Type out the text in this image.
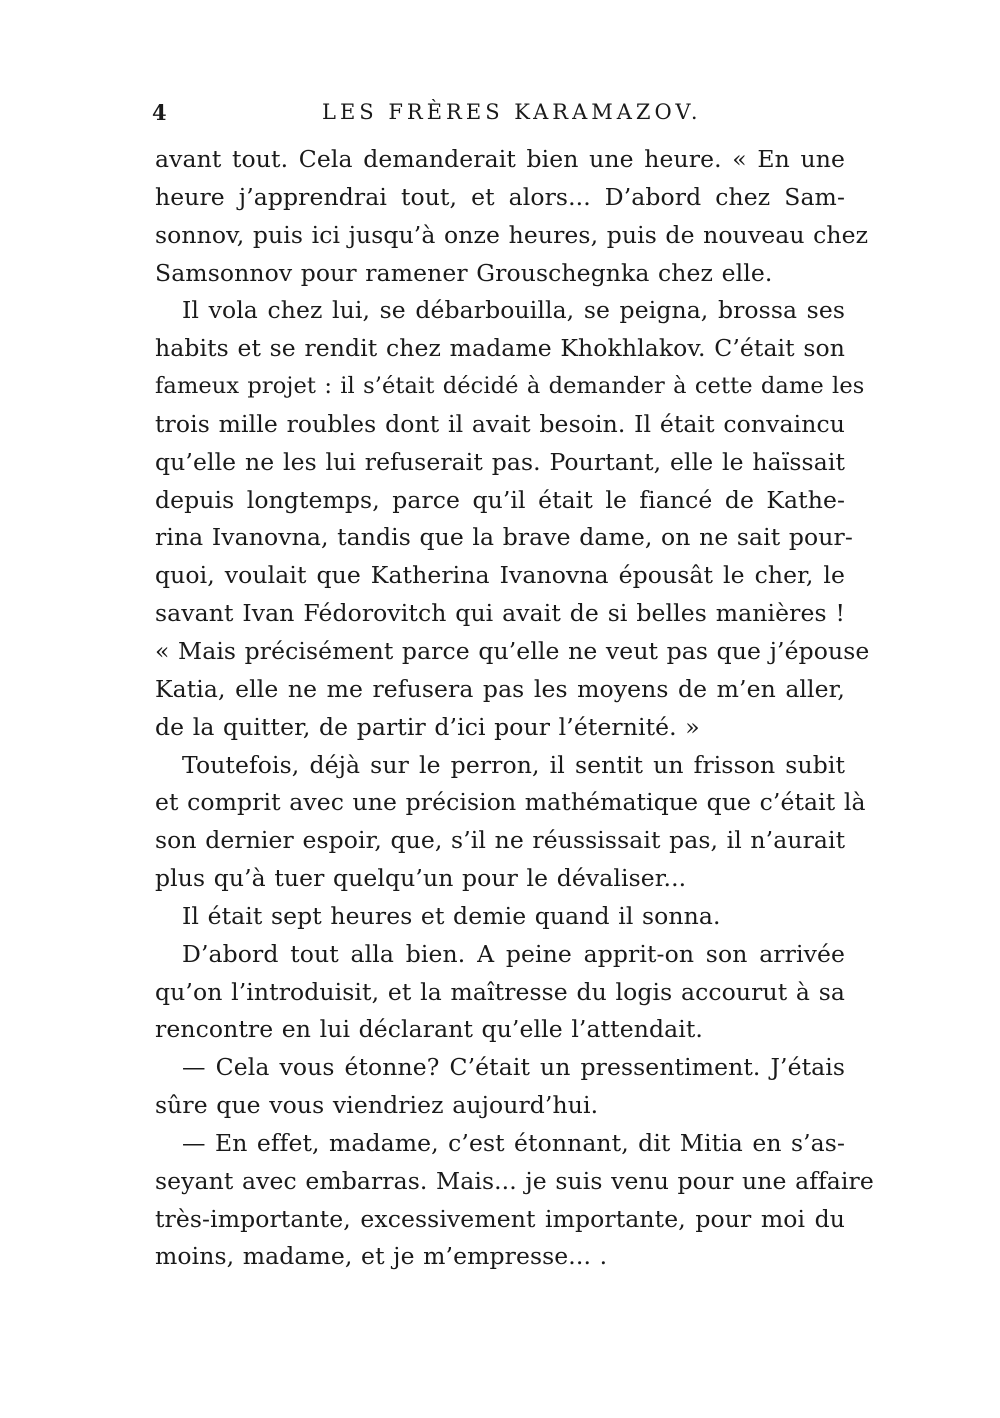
4	LES FRÈRES KARAMAZOV.
avant tout. Cela demanderait bien une heure. « En une
heure j’apprendrai tout, et alors... D’abord chez Sam-
sonnov, puis ici jusqu’à onze heures, puis de nouveau chez
Samsonnov pour ramener Grouschegnka chez elle.
Il vola chez lui, se débarbouilla, se peigna, brossa ses
habits et se rendit chez madame Khokhlakov. C’était son
fameux projet : il s’était décidé à demander à cette dame les
trois mille roubles dont il avait besoin. Il était convaincu
qu’elle ne les lui refuserait pas. Pourtant, elle le haïssait
depuis longtemps, parce qu’il était le fiancé de Kathe-
rina Ivanovna, tandis que la brave dame, on ne sait pour-
quoi, voulait que Katherina Ivanovna épousât le cher, le
savant Ivan Fédorovitch qui avait de si belles manières !
« Mais précisément parce qu’elle ne veut pas que j’épouse
Katia, elle ne me refusera pas les moyens de m’en aller,
de la quitter, de partir d’ici pour l’éternité. »
Toutefois, déjà sur le perron, il sentit un frisson subit
et comprit avec une précision mathématique que c’était là
son dernier espoir, que, s’il ne réussissait pas, il n’aurait
plus qu’à tuer quelqu’un pour le dévaliser...
Il était sept heures et demie quand il sonna.
D’abord tout alla bien. A peine apprit-on son arrivée
qu’on l’introduisit, et la maîtresse du logis accourut à sa
rencontre en lui déclarant qu’elle l’attendait.
— Cela vous étonne? C’était un pressentiment. J’étais
sûre que vous viendriez aujourd’hui.
— En effet, madame, c’est étonnant, dit Mitia en s’as-
seyant avec embarras. Mais... je suis venu pour une affaire
très-importante, excessivement importante, pour moi du
moins, madame, et je m’empresse... .
